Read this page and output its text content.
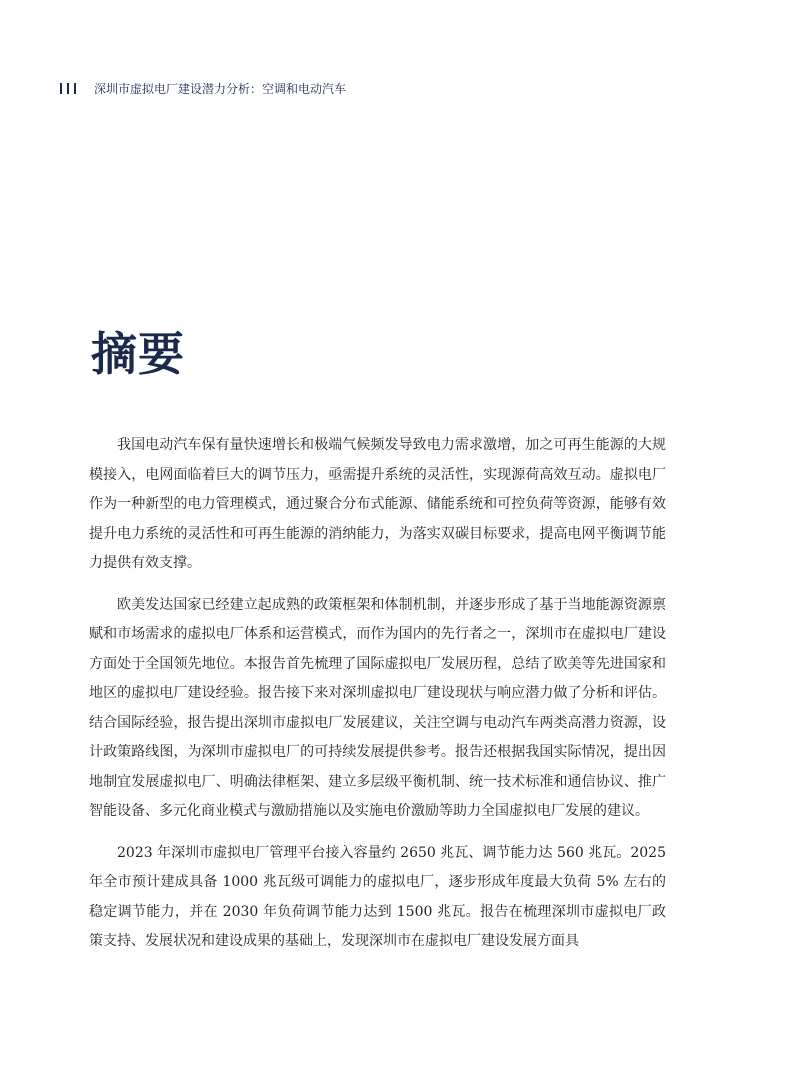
深圳市虚拟电厂建设潜力分析：空调和电动汽车
摘要

我国电动汽车保有量快速增长和极端气候频发导致电力需求激增，加之可再生能源的大规模接入，电网面临着巨大的调节压力，亟需提升系统的灵活性，实现源荷高效互动。虚拟电厂作为一种新型的电力管理模式，通过聚合分布式能源、储能系统和可控负荷等资源，能够有效提升电力系统的灵活性和可再生能源的消纳能力，为落实双碳目标要求，提高电网平衡调节能力提供有效支撑。

欧美发达国家已经建立起成熟的政策框架和体制机制，并逐步形成了基于当地能源资源禀赋和市场需求的虚拟电厂体系和运营模式，而作为国内的先行者之一，深圳市在虚拟电厂建设方面处于全国领先地位。本报告首先梳理了国际虚拟电厂发展历程，总结了欧美等先进国家和地区的虚拟电厂建设经验。报告接下来对深圳虚拟电厂建设现状与响应潜力做了分析和评估。结合国际经验，报告提出深圳市虚拟电厂发展建议，关注空调与电动汽车两类高潜力资源，设计政策路线图，为深圳市虚拟电厂的可持续发展提供参考。报告还根据我国实际情况，提出因地制宜发展虚拟电厂、明确法律框架、建立多层级平衡机制、统一技术标准和通信协议、推广智能设备、多元化商业模式与激励措施以及实施电价激励等助力全国虚拟电厂发展的建议。

2023 年深圳市虚拟电厂管理平台接入容量约 2650 兆瓦、调节能力达 560 兆瓦。2025 年全市预计建成具备 1000 兆瓦级可调能力的虚拟电厂，逐步形成年度最大负荷 5% 左右的稳定调节能力，并在 2030 年负荷调节能力达到 1500 兆瓦。报告在梳理深圳市虚拟电厂政策支持、发展状况和建设成果的基础上，发现深圳市在虚拟电厂建设发展方面具
